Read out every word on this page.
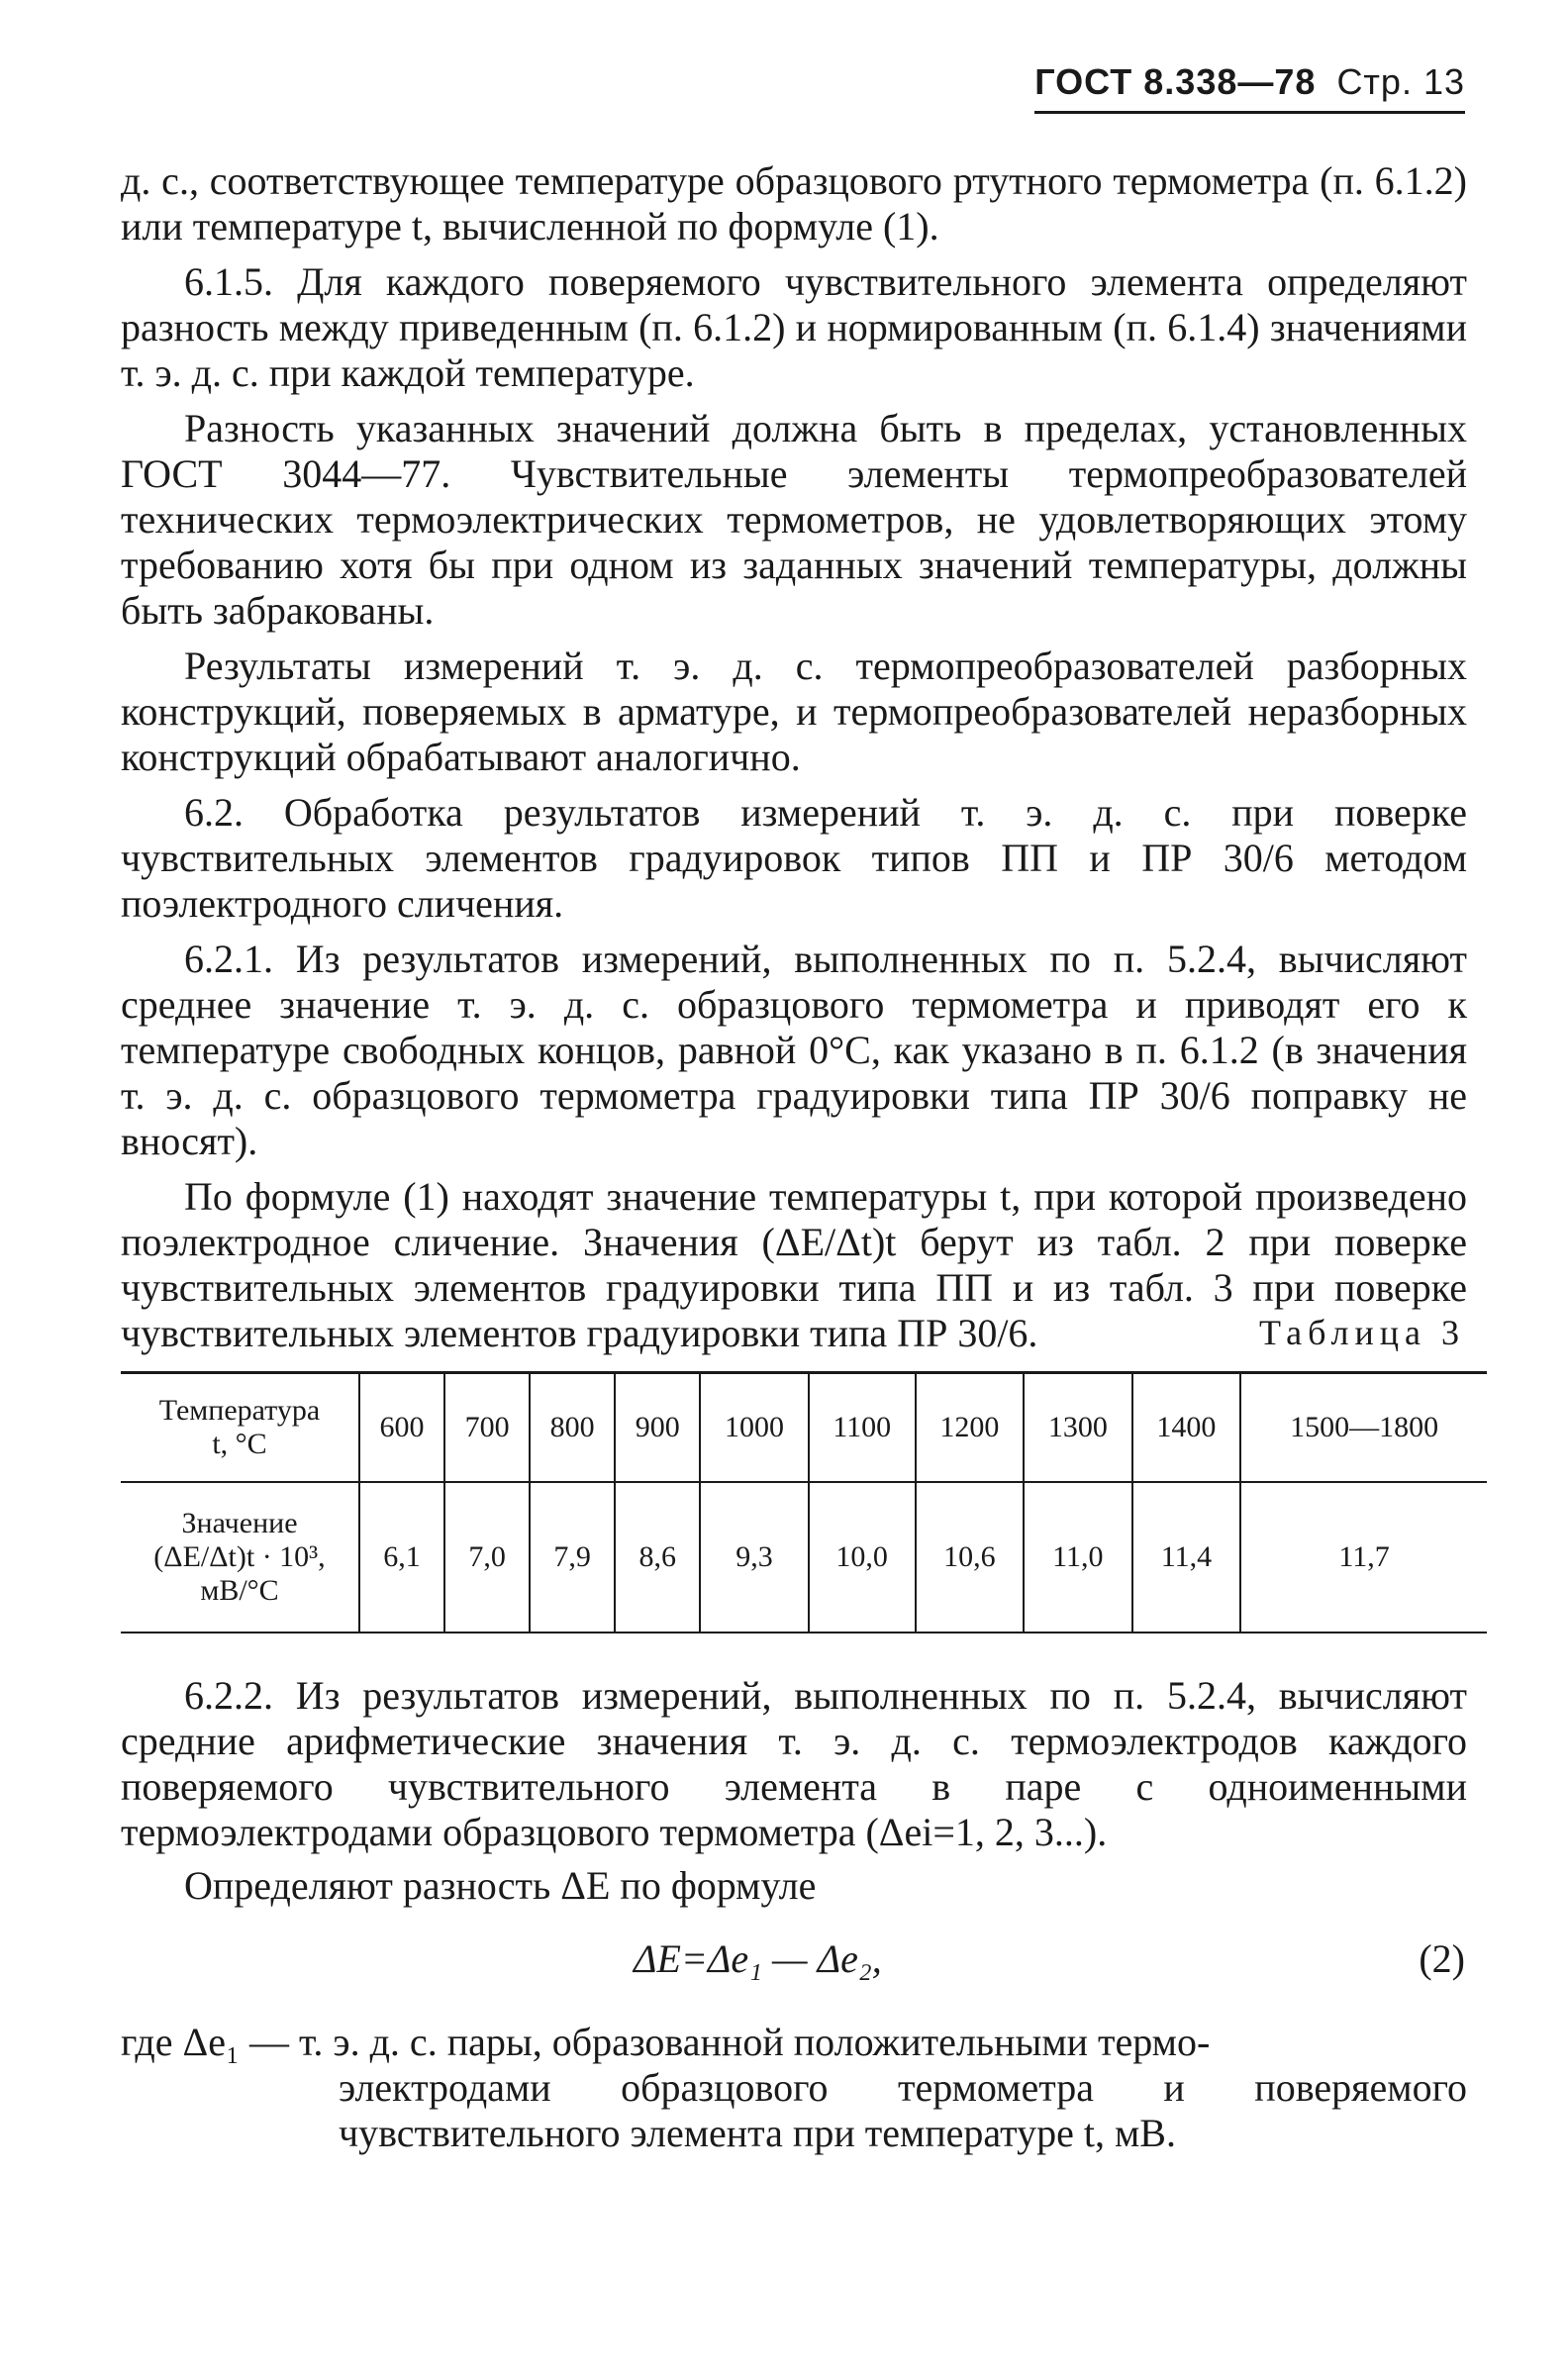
ГОСТ 8.338—78 Стр. 13

д. с., соответствующее температуре образцового ртутного термометра (п. 6.1.2) или температуре t, вычисленной по формуле (1).

6.1.5. Для каждого поверяемого чувствительного элемента определяют разность между приведенным (п. 6.1.2) и нормированным (п. 6.1.4) значениями т. э. д. с. при каждой температуре.

Разность указанных значений должна быть в пределах, установленных ГОСТ 3044—77. Чувствительные элементы термопреобразователей технических термоэлектрических термометров, не удовлетворяющих этому требованию хотя бы при одном из заданных значений температуры, должны быть забракованы.

Результаты измерений т. э. д. с. термопреобразователей разборных конструкций, поверяемых в арматуре, и термопреобразователей неразборных конструкций обрабатывают аналогично.

6.2. Обработка результатов измерений т. э. д. с. при поверке чувствительных элементов градуировок типов ПП и ПР 30/6 методом поэлектродного сличения.

6.2.1. Из результатов измерений, выполненных по п. 5.2.4, вычисляют среднее значение т. э. д. с. образцового термометра и приводят его к температуре свободных концов, равной 0°С, как указано в п. 6.1.2 (в значения т. э. д. с. образцового термометра градуировки типа ПР 30/6 поправку не вносят).

По формуле (1) находят значение температуры t, при которой произведено поэлектродное сличение. Значения (ΔE/Δt)t берут из табл. 2 при поверке чувствительных элементов градуировки типа ПП и из табл. 3 при поверке чувствительных элементов градуировки типа ПР 30/6.	Таблица 3
Температура
t, °С	600	700	800	900	1000	1100	1200	1300	1400	1500—1800

Значение
(ΔE/Δt)t · 10³,
мВ/°С	6,1	7,0	7,9	8,6	9,3	10,0	10,6	11,0	11,4	11,7

6.2.2. Из результатов измерений, выполненных по п. 5.2.4, вычисляют средние арифметические значения т. э. д. с. термоэлектродов каждого поверяемого чувствительного элемента в паре с одноименными термоэлектродами образцового термометра (Δei=1, 2, 3...).

Определяют разность ΔE по формуле

ΔE=Δe₁ — Δe₂,	(2)
где Δe₁ — т. э. д. с. пары, образованной положительными термо-
электродами образцового термометра и поверяемого чувствительного элемента при температуре t, мВ.
